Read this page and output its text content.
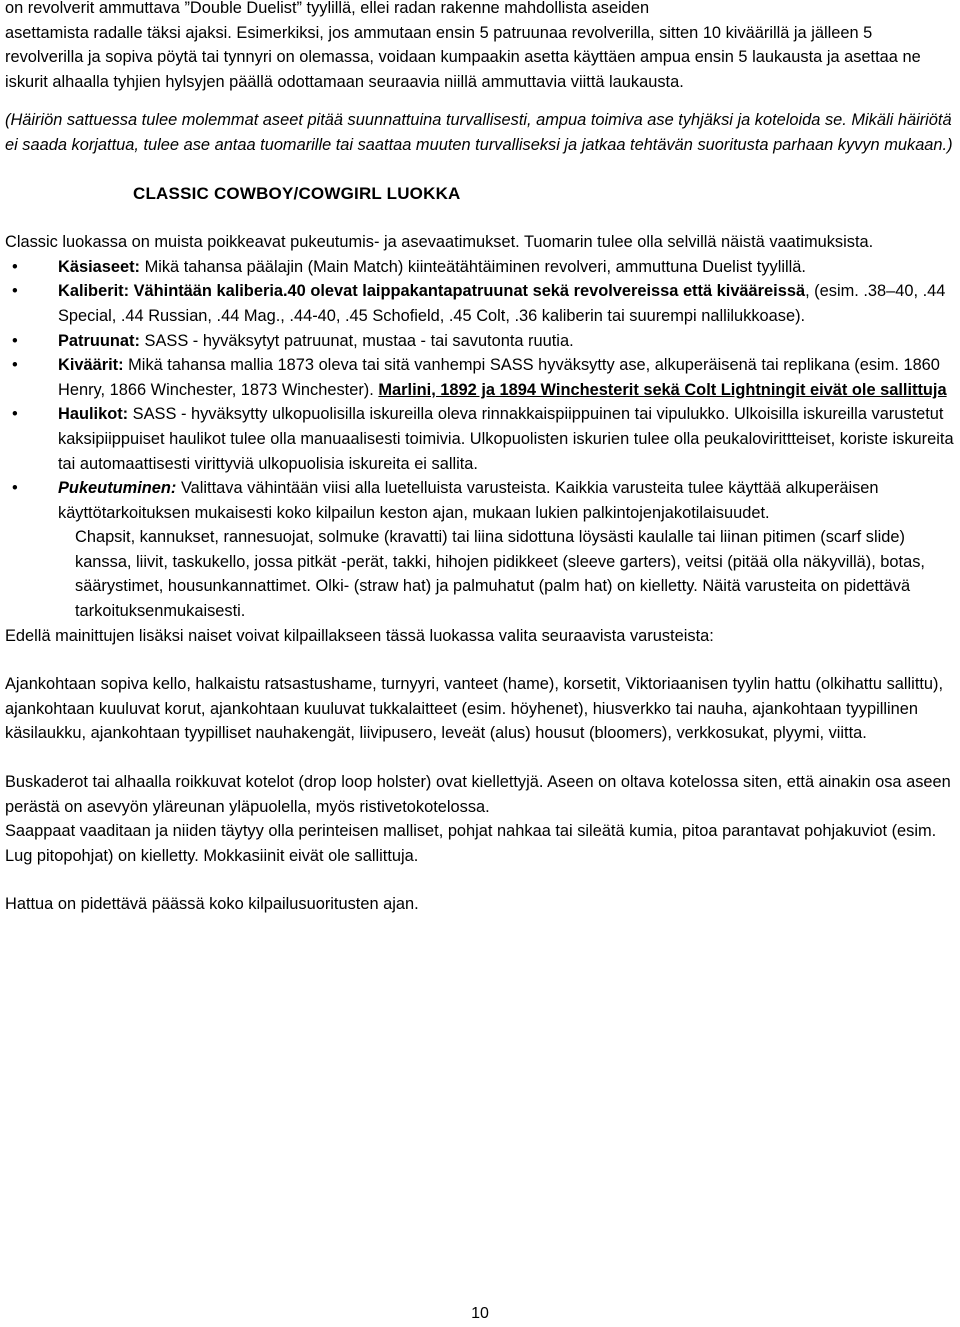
on revolverit ammuttava ”Double Duelist” tyylillä, ellei radan rakenne mahdollista aseiden
asettamista radalle täksi ajaksi. Esimerkiksi, jos ammutaan ensin 5 patruunaa revolverilla, sitten 10 kiväärillä ja jälleen 5 revolverilla ja sopiva pöytä tai tynnyri on olemassa, voidaan kumpaakin asetta käyttäen ampua ensin 5 laukausta ja asettaa ne iskurit alhaalla tyhjien hylsyjen päällä odottamaan seuraavia niillä ammuttavia viittä laukausta.

(Häiriön sattuessa tulee molemmat aseet pitää suunnattuina turvallisesti, ampua toimiva ase tyhjäksi ja koteloida se. Mikäli häiriötä ei saada korjattua, tulee ase antaa tuomarille tai saattaa muuten turvalliseksi ja jatkaa tehtävän suoritusta parhaan kyvyn mukaan.)

CLASSIC COWBOY/COWGIRL LUOKKA

Classic luokassa on muista poikkeavat pukeutumis- ja asevaatimukset. Tuomarin tulee olla selvillä näistä vaatimuksista.

• Käsiaseet: Mikä tahansa päälajin (Main Match) kiinteätähtäiminen revolveri, ammuttuna Duelist tyylillä.
• Kaliberit: Vähintään kaliberia.40 olevat laippakantapatruunat sekä revolvereissa että kivääreissä, (esim. .38–40, .44 Special, .44 Russian, .44 Mag., .44-40, .45 Schofield, .45 Colt, .36 kaliberin tai suurempi nallilukkoase).
• Patruunat: SASS - hyväksytyt patruunat, mustaa - tai savutonta ruutia.
• Kiväärit: Mikä tahansa mallia 1873 oleva tai sitä vanhempi SASS hyväksytty ase, alkuperäisenä tai replikana (esim. 1860 Henry, 1866 Winchester, 1873 Winchester). Marlini, 1892 ja 1894 Winchesterit sekä Colt Lightningit eivät ole sallittuja
• Haulikot: SASS - hyväksytty ulkopuolisilla iskureilla oleva rinnakkaispiippuinen tai vipulukko. Ulkoisilla iskureilla varustetut kaksipiippuiset haulikot tulee olla manuaalisesti toimivia. Ulkopuolisten iskurien tulee olla peukalovirittteiset, koriste iskureita tai automaattisesti virittyviä ulkopuolisia iskureita ei sallita.
• Pukeutuminen: Valittava vähintään viisi alla luetelluista varusteista. Kaikkia varusteita tulee käyttää alkuperäisen käyttötarkoituksen mukaisesti koko kilpailun keston ajan, mukaan lukien palkintojenjakotilaisuudet.

Chapsit, kannukset, rannesuojat, solmuke (kravatti) tai liina sidottuna löysästi kaulalle tai liinan pitimen (scarf slide) kanssa, liivit, taskukello, jossa pitkät -perät, takki, hihojen pidikkeet (sleeve garters), veitsi (pitää olla näkyvillä), botas, säärystimet, housunkannattimet. Olki- (straw hat) ja palmuhatut (palm hat) on kielletty. Näitä varusteita on pidettävä tarkoituksenmukaisesti.

Edellä mainittujen lisäksi naiset voivat kilpaillakseen tässä luokassa valita seuraavista varusteista:

Ajankohtaan sopiva kello, halkaistu ratsastushame, turnyyri, vanteet (hame), korsetit, Viktoriaanisen tyylin hattu (olkihattu sallittu), ajankohtaan kuuluvat korut, ajankohtaan kuuluvat tukkalaitteet (esim. höyhenet), hiusverkko tai nauha, ajankohtaan tyypillinen käsilaukku, ajankohtaan tyypilliset nauhakengät, liivipusero, leveät (alus) housut (bloomers), verkkosukat, plyymi, viitta.

Buskaderot tai alhaalla roikkuvat kotelot (drop loop holster) ovat kiellettyjä. Aseen on oltava kotelossa siten, että ainakin osa aseen perästä on asevyön yläreunan yläpuolella, myös ristivetokotelossa.

Saappaat vaaditaan ja niiden täytyy olla perinteisen malliset, pohjat nahkaa tai sileätä kumia, pitoa parantavat pohjakuviot (esim. Lug pitopohjat) on kielletty. Mokkasiinit eivät ole sallittuja.

Hattua on pidettävä päässä koko kilpailusuoritusten ajan.

10
